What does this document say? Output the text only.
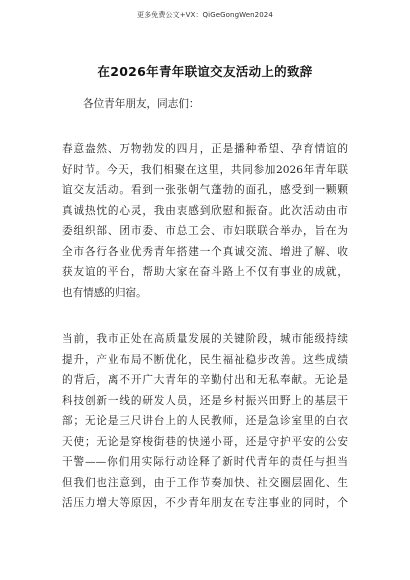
更多免费公文+VX：QiGeGongWen2024
在2026年青年联谊交友活动上的致辞
各位青年朋友，同志们：
春意盎然、万物勃发的四月，正是播种希望、孕育情谊的
好时节。今天，我们相聚在这里，共同参加2026年青年联
谊交友活动。看到一张张朝气蓬勃的面孔，感受到一颗颗
真诚热忱的心灵，我由衷感到欣慰和振奋。此次活动由市
委组织部、团市委、市总工会、市妇联联合举办，旨在为
全市各行各业优秀青年搭建一个真诚交流、增进了解、收
获友谊的平台，帮助大家在奋斗路上不仅有事业的成就，
也有情感的归宿。
当前，我市正处在高质量发展的关键阶段，城市能级持续
提升，产业布局不断优化，民生福祉稳步改善。这些成绩
的背后，离不开广大青年的辛勤付出和无私奉献。无论是
科技创新一线的研发人员，还是乡村振兴田野上的基层干
部；无论是三尺讲台上的人民教师，还是急诊室里的白衣
天使；无论是穿梭街巷的快递小哥，还是守护平安的公安
干警——你们用实际行动诠释了新时代青年的责任与担当
但我们也注意到，由于工作节奏加快、社交圈层固化、生
活压力增大等原因，不少青年朋友在专注事业的同时，个
